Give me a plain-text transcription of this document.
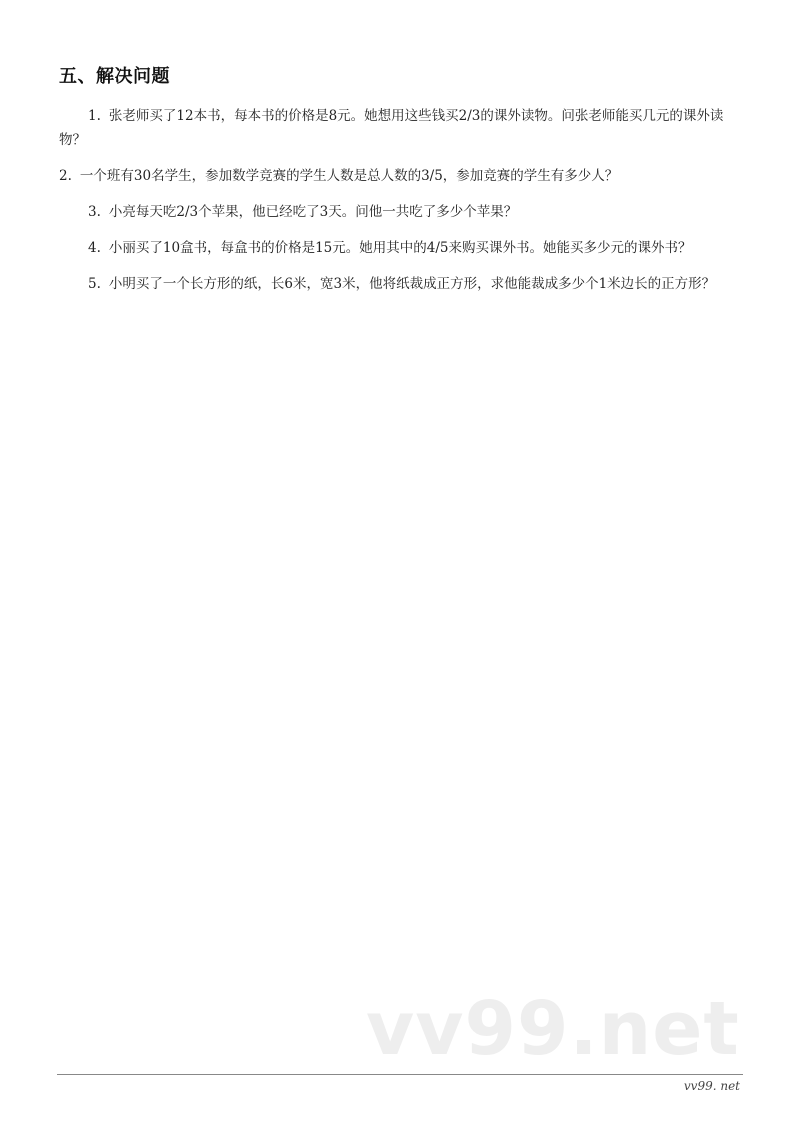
五、解决问题

1. 张老师买了12本书，每本书的价格是8元。她想用这些钱买2/3的课外读物。问张老师能买几元的课外读物？

2. 一个班有30名学生，参加数学竞赛的学生人数是总人数的3/5，参加竞赛的学生有多少人？

3. 小亮每天吃2/3个苹果，他已经吃了3天。问他一共吃了多少个苹果？

4. 小丽买了10盒书，每盒书的价格是15元。她用其中的4/5来购买课外书。她能买多少元的课外书？

5. 小明买了一个长方形的纸，长6米，宽3米，他将纸裁成正方形，求他能裁成多少个1米边长的正方形？

vv99.net
vv99. net
